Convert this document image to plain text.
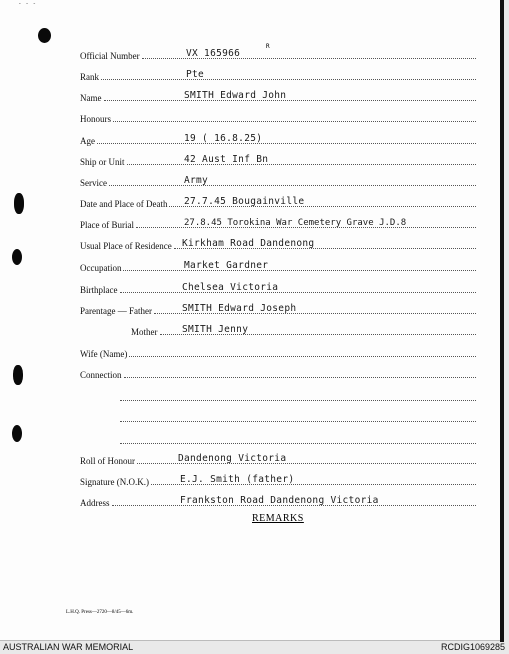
- - -
R
Official Number	VX 165966
Rank	Pte
Name	SMITH Edward John
Honours
Age	19 ( 16.8.25)
Ship or Unit	42 Aust Inf Bn
Service	Army
Date and Place of Death 27.7.45 Bougainville
Place of Burial	27.8.45 Torokina War Cemetery Grave J.D.8
Usual Place of Residence Kirkham Road Dandenong
Occupation	Market Gardner
Birthplace	Chelsea Victoria
Parentage — Father	SMITH Edward Joseph
Mother	SMITH Jenny
Wife (Name)
Connection
Roll of Honour	Dandenong Victoria
Signature (N.O.K.)	E.J. Smith (father)
Address	Frankston Road Dandenong Victoria
REMARKS
L.H.Q. Press—2720—8/45—6m.
AUSTRALIAN WAR MEMORIAL	RCDIG1069285
